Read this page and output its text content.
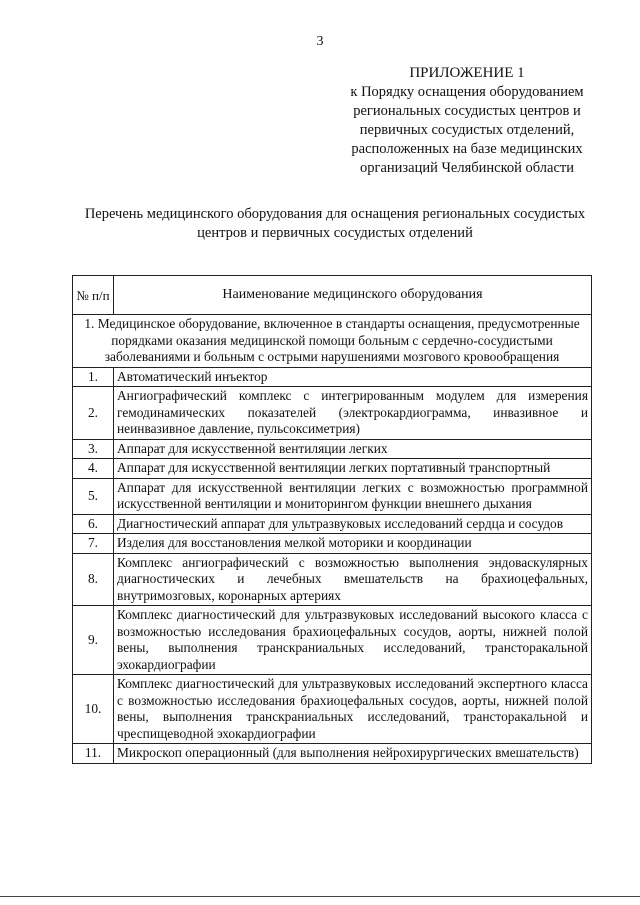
3
ПРИЛОЖЕНИЕ 1
к Порядку оснащения оборудованием региональных сосудистых центров и первичных сосудистых отделений, расположенных на базе медицинских организаций Челябинской области
Перечень медицинского оборудования для оснащения региональных сосудистых центров и первичных сосудистых отделений
№ п/п	Наименование медицинского оборудования
1. Медицинское оборудование, включенное в стандарты оснащения, предусмотренные порядками оказания медицинской помощи больным с сердечно-сосудистыми заболеваниями и больным с острыми нарушениями мозгового кровообращения	
1.	Автоматический инъектор
2.	Ангиографический комплекс с интегрированным модулем для измерения гемодинамических показателей (электрокардиограмма, инвазивное и неинвазивное давление, пульсоксиметрия)
3.	Аппарат для искусственной вентиляции легких
4.	Аппарат для искусственной вентиляции легких портативный транспортный
5.	Аппарат для искусственной вентиляции легких с возможностью программной искусственной вентиляции и мониторингом функции внешнего дыхания
6.	Диагностический аппарат для ультразвуковых исследований сердца и сосудов
7.	Изделия для восстановления мелкой моторики и координации
8.	Комплекс ангиографический с возможностью выполнения эндоваскулярных диагностических и лечебных вмешательств на брахиоцефальных, внутримозговых, коронарных артериях
9.	Комплекс диагностический для ультразвуковых исследований высокого класса с возможностью исследования брахиоцефальных сосудов, аорты, нижней полой вены, выполнения транскраниальных исследований, трансторакальной эхокардиографии
10.	Комплекс диагностический для ультразвуковых исследований экспертного класса с возможностью исследования брахиоцефальных сосудов, аорты, нижней полой вены, выполнения транскраниальных исследований, трансторакальной и чреспищеводной эхокардиографии
11.	Микроскоп операционный (для выполнения нейрохирургических вмешательств)
